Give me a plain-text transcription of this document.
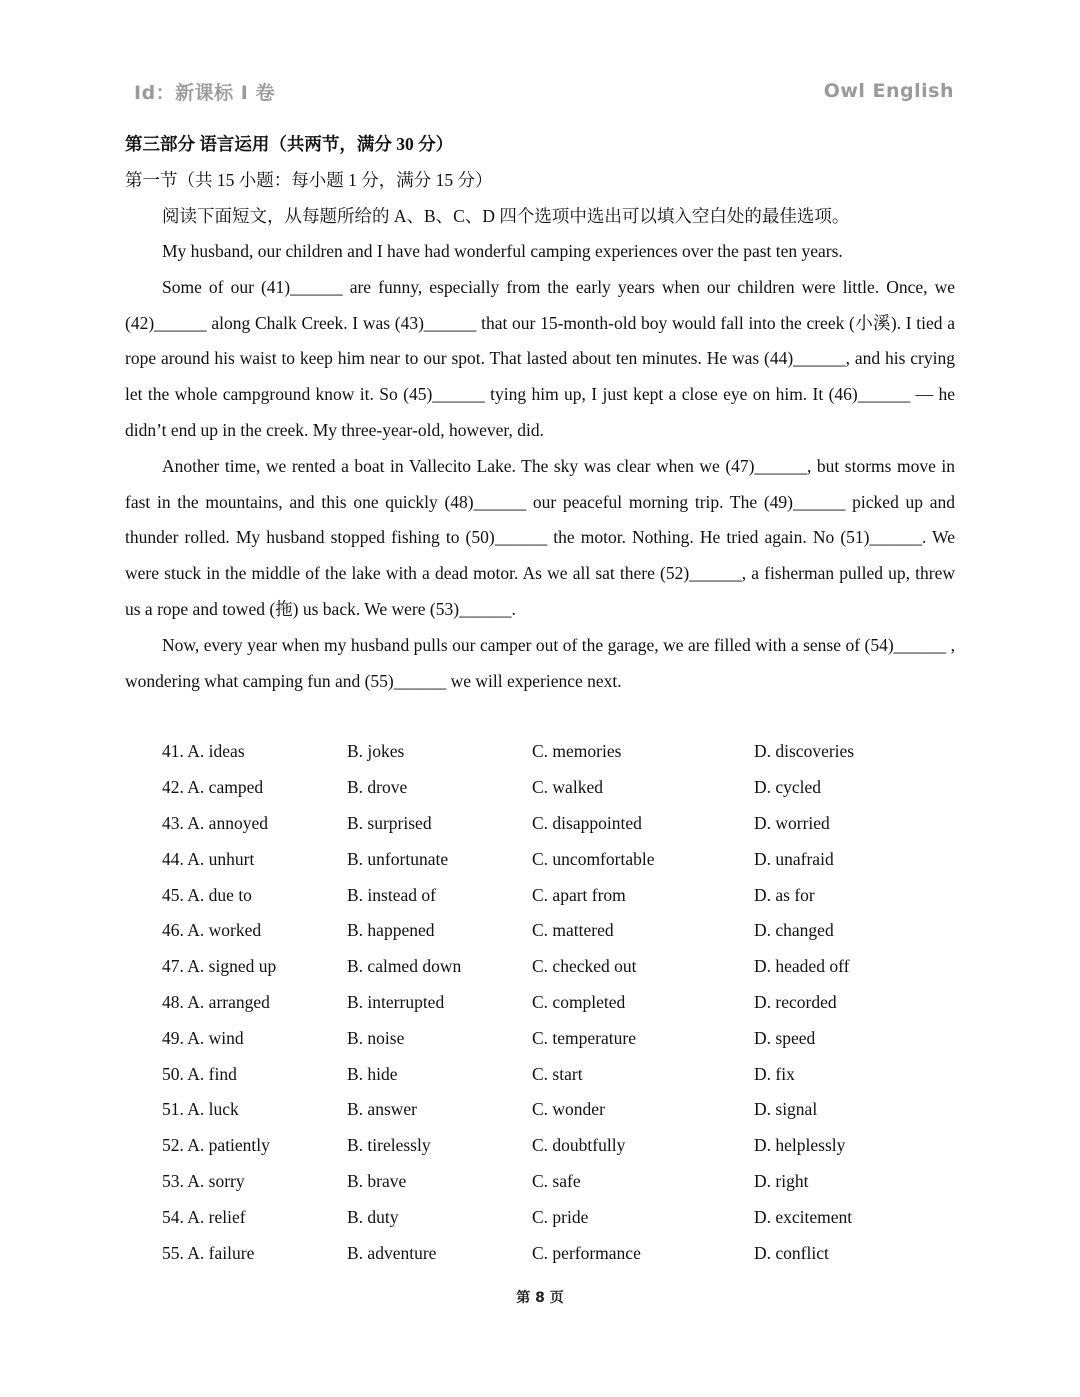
Id：新课标 I 卷	Owl English
第三部分 语言运用（共两节，满分 30 分）
第一节（共 15 小题：每小题 1 分，满分 15 分）
阅读下面短文，从每题所给的 A、B、C、D 四个选项中选出可以填入空白处的最佳选项。

My husband, our children and I have had wonderful camping experiences over the past ten years.

Some of our (41)______ are funny, especially from the early years when our children were little. Once, we (42)______ along Chalk Creek. I was (43)______ that our 15-month-old boy would fall into the creek (小溪). I tied a rope around his waist to keep him near to our spot. That lasted about ten minutes. He was (44)______, and his crying let the whole campground know it. So (45)______ tying him up, I just kept a close eye on him. It (46)______ — he didn’t end up in the creek. My three-year-old, however, did.

Another time, we rented a boat in Vallecito Lake. The sky was clear when we (47)______, but storms move in fast in the mountains, and this one quickly (48)______ our peaceful morning trip. The (49)______ picked up and thunder rolled. My husband stopped fishing to (50)______ the motor. Nothing. He tried again. No (51)______. We were stuck in the middle of the lake with a dead motor. As we all sat there (52)______, a fisherman pulled up, threw us a rope and towed (拖) us back. We were (53)______.

Now, every year when my husband pulls our camper out of the garage, we are filled with a sense of (54)______ , wondering what camping fun and (55)______ we will experience next.

41. A. ideas	B. jokes	C. memories	D. discoveries
42. A. camped	B. drove	C. walked	D. cycled
43. A. annoyed	B. surprised	C. disappointed	D. worried
44. A. unhurt	B. unfortunate	C. uncomfortable	D. unafraid
45. A. due to	B. instead of	C. apart from	D. as for
46. A. worked	B. happened	C. mattered	D. changed
47. A. signed up	B. calmed down	C. checked out	D. headed off
48. A. arranged	B. interrupted	C. completed	D. recorded
49. A. wind	B. noise	C. temperature	D. speed
50. A. find	B. hide	C. start	D. fix
51. A. luck	B. answer	C. wonder	D. signal
52. A. patiently	B. tirelessly	C. doubtfully	D. helplessly
53. A. sorry	B. brave	C. safe	D. right
54. A. relief	B. duty	C. pride	D. excitement
55. A. failure	B. adventure	C. performance	D. conflict
第 8 页
